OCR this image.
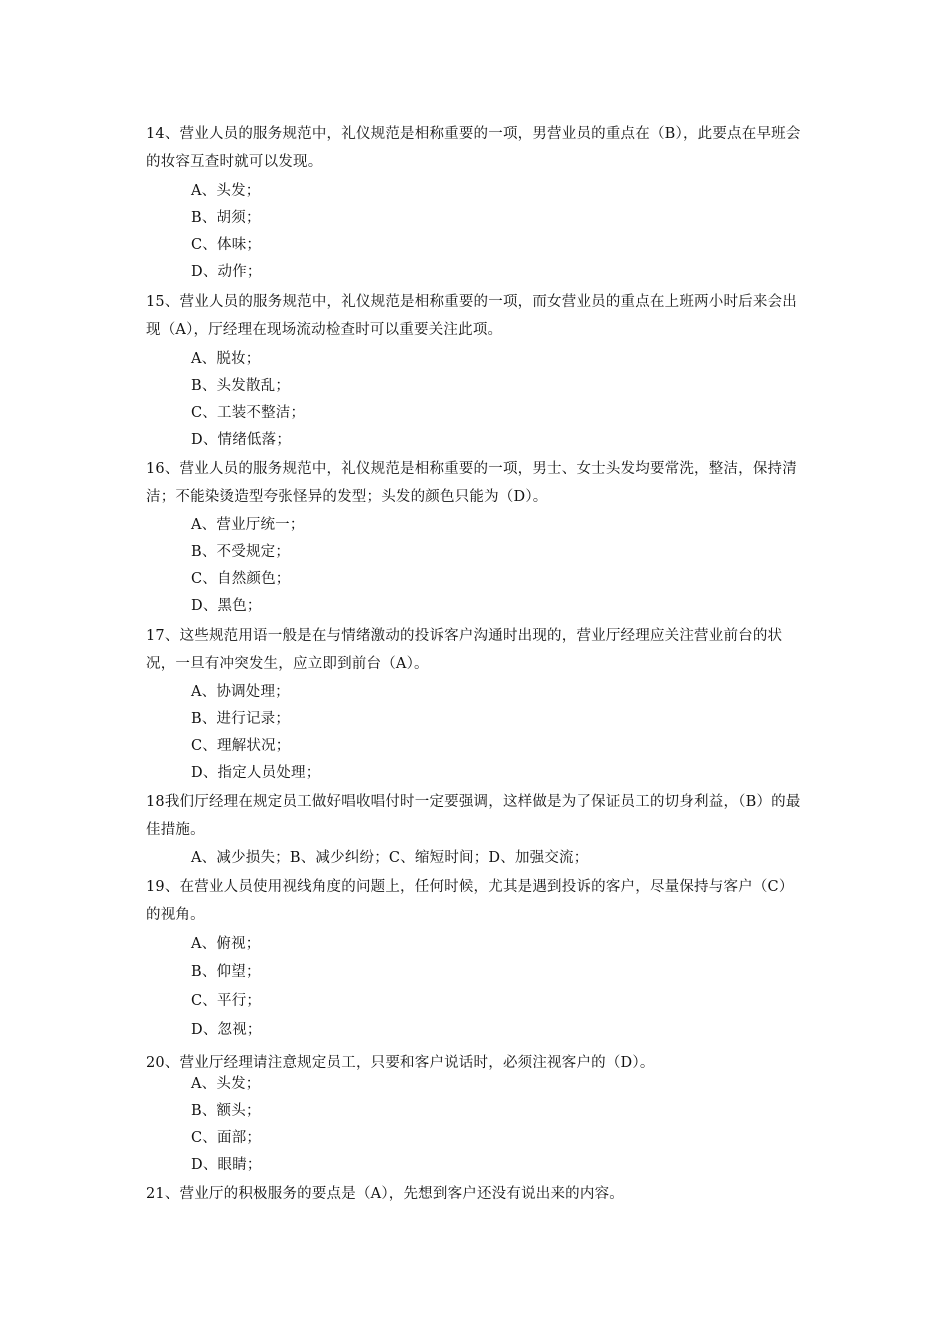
14、营业人员的服务规范中，礼仪规范是相称重要的一项，男营业员的重点在（B），此要点在早班会的妆容互查时就可以发现。

A、头发；

B、胡须；

C、体味；

D、动作；

15、营业人员的服务规范中，礼仪规范是相称重要的一项，而女营业员的重点在上班两小时后来会出现（A），厅经理在现场流动检查时可以重要关注此项。

A、脱妆；

B、头发散乱；

C、工装不整洁；

D、情绪低落；

16、营业人员的服务规范中，礼仪规范是相称重要的一项，男士、女士头发均要常洗，整洁，保持清洁；不能染烫造型夸张怪异的发型；头发的颜色只能为（D）。

A、营业厅统一；

B、不受规定；

C、自然颜色；

D、黑色；

17、这些规范用语一般是在与情绪激动的投诉客户沟通时出现的，营业厅经理应关注营业前台的状况，一旦有冲突发生，应立即到前台（A）。

A、协调处理；

B、进行记录；

C、理解状况；

D、指定人员处理；

18我们厅经理在规定员工做好唱收唱付时一定要强调，这样做是为了保证员工的切身利益，（B）的最佳措施。

A、减少损失；B、减少纠纷；C、缩短时间；D、加强交流；

19、在营业人员使用视线角度的问题上，任何时候，尤其是遇到投诉的客户，尽量保持与客户（C）的视角。

A、俯视；

B、仰望；

C、平行；

D、忽视；

20、营业厅经理请注意规定员工，只要和客户说话时，必须注视客户的（D）。

A、头发；

B、额头；

C、面部；

D、眼睛；

21、营业厅的积极服务的要点是（A），先想到客户还没有说出来的内容。
